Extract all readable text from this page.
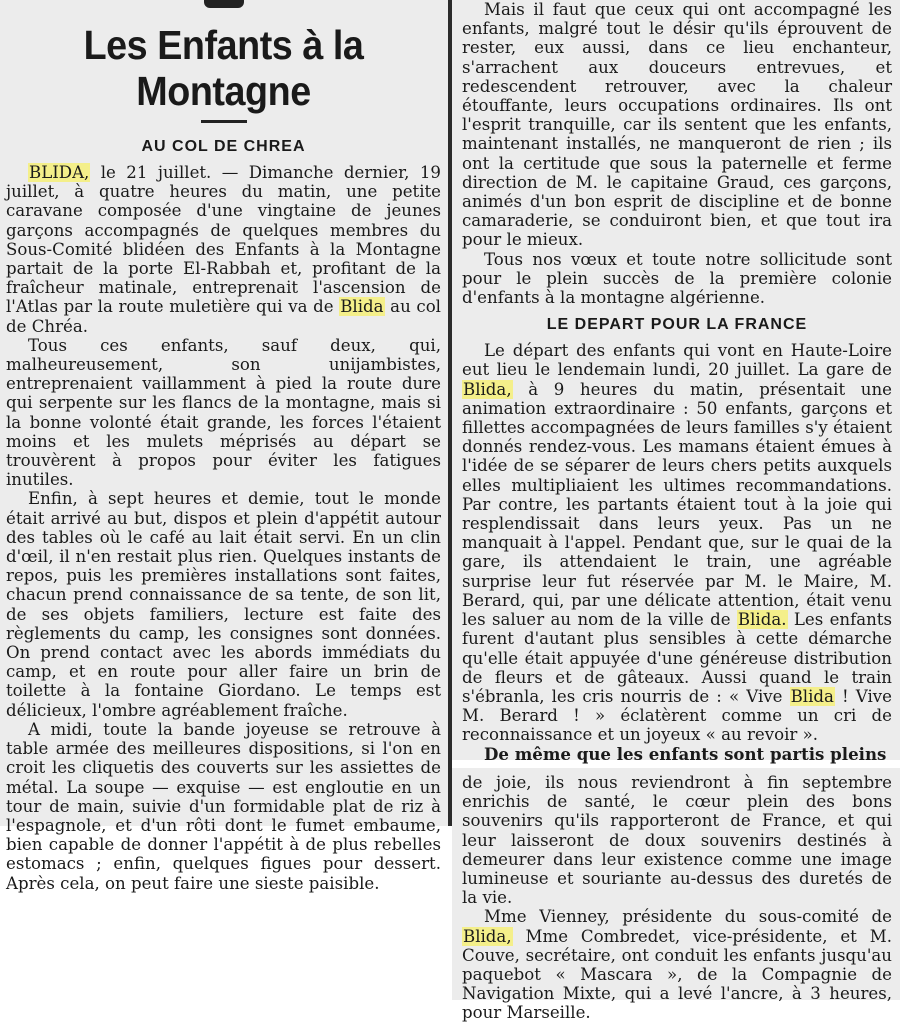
Les Enfants à la Montagne
AU COL DE CHREA

BLIDA, le 21 juillet. — Dimanche dernier, 19 juillet, à quatre heures du matin, une petite caravane composée d'une vingtaine de jeunes garçons accompagnés de quelques membres du Sous-Comité blidéen des Enfants à la Montagne partait de la porte El-Rabbah et, profitant de la fraîcheur matinale, entreprenait l'ascension de l'Atlas par la route muletière qui va de Blida au col de Chréa.

Tous ces enfants, sauf deux, qui, malheureusement, son unijambistes, entreprenaient vaillamment à pied la route dure qui serpente sur les flancs de la montagne, mais si la bonne volonté était grande, les forces l'étaient moins et les mulets méprisés au départ se trouvèrent à propos pour éviter les fatigues inutiles.

Enfin, à sept heures et demie, tout le monde était arrivé au but, dispos et plein d'appétit autour des tables où le café au lait était servi. En un clin d'œil, il n'en restait plus rien. Quelques instants de repos, puis les premières installations sont faites, chacun prend connaissance de sa tente, de son lit, de ses objets familiers, lecture est faite des règlements du camp, les consignes sont données. On prend contact avec les abords immédiats du camp, et en route pour aller faire un brin de toilette à la fontaine Giordano. Le temps est délicieux, l'ombre agréablement fraîche.

A midi, toute la bande joyeuse se retrouve à table armée des meilleures dispositions, si l'on en croit les cliquetis des couverts sur les assiettes de métal. La soupe — exquise — est engloutie en un tour de main, suivie d'un formidable plat de riz à l'espagnole, et d'un rôti dont le fumet embaume, bien capable de donner l'appétit à de plus rebelles estomacs ; enfin, quelques figues pour dessert. Après cela, on peut faire une sieste paisible.

Mais il faut que ceux qui ont accompagné les enfants, malgré tout le désir qu'ils éprouvent de rester, eux aussi, dans ce lieu enchanteur, s'arrachent aux douceurs entrevues, et redescendent retrouver, avec la chaleur étouffante, leurs occupations ordinaires. Ils ont l'esprit tranquille, car ils sentent que les enfants, maintenant installés, ne manqueront de rien ; ils ont la certitude que sous la paternelle et ferme direction de M. le capitaine Graud, ces garçons, animés d'un bon esprit de discipline et de bonne camaraderie, se conduiront bien, et que tout ira pour le mieux.

Tous nos vœux et toute notre sollicitude sont pour le plein succès de la première colonie d'enfants à la montagne algérienne.

LE DEPART POUR LA FRANCE

Le départ des enfants qui vont en Haute-Loire eut lieu le lendemain lundi, 20 juillet. La gare de Blida, à 9 heures du matin, présentait une animation extraordinaire : 50 enfants, garçons et fillettes accompagnées de leurs familles s'y étaient donnés rendez-vous. Les mamans étaient émues à l'idée de se séparer de leurs chers petits auxquels elles multipliaient les ultimes recommandations. Par contre, les partants étaient tout à la joie qui resplendissait dans leurs yeux. Pas un ne manquait à l'appel. Pendant que, sur le quai de la gare, ils attendaient le train, une agréable surprise leur fut réservée par M. le Maire, M. Berard, qui, par une délicate attention, était venu les saluer au nom de la ville de Blida. Les enfants furent d'autant plus sensibles à cette démarche qu'elle était appuyée d'une généreuse distribution de fleurs et de gâteaux. Aussi quand le train s'ébranla, les cris nourris de : « Vive Blida ! Vive M. Berard ! » éclatèrent comme un cri de reconnaissance et un joyeux « au revoir ».

De même que les enfants sont partis pleins

de joie, ils nous reviendront à fin septembre enrichis de santé, le cœur plein des bons souvenirs qu'ils rapporteront de France, et qui leur laisseront de doux souvenirs destinés à demeurer dans leur existence comme une image lumineuse et souriante au-dessus des duretés de la vie.

Mme Vienney, présidente du sous-comité de Blida, Mme Combredet, vice-présidente, et M. Couve, secrétaire, ont conduit les enfants jusqu'au paquebot « Mascara », de la Compagnie de Navigation Mixte, qui a levé l'ancre, à 3 heures, pour Marseille.
